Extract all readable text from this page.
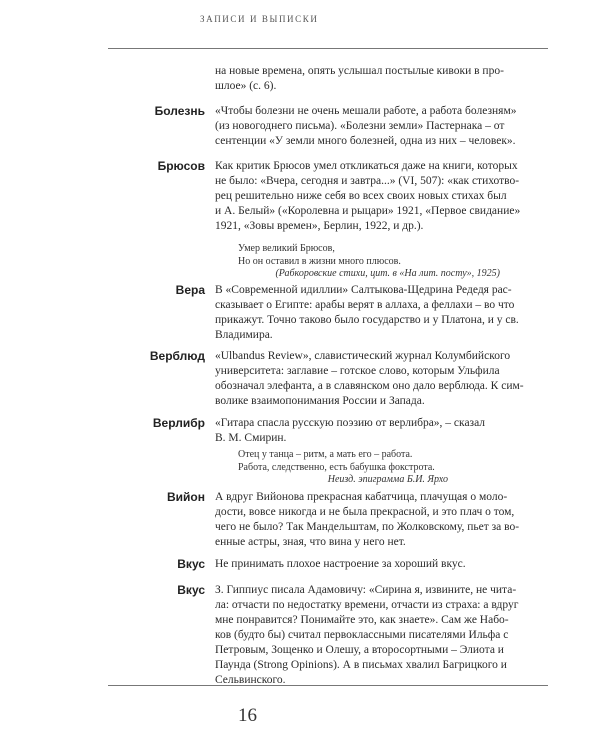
ЗАПИСИ И ВЫПИСКИ
на новые времена, опять услышал постылые кивоки в про-
шлое» (с. 6).
Болезнь «Чтобы болезни не очень мешали работе, а работа болезням»
(из новогоднего письма). «Болезни земли» Пастернака – от
сентенции «У земли много болезней, одна из них – человек».
Брюсов Как критик Брюсов умел откликаться даже на книги, которых
не было: «Вчера, сегодня и завтра...» (VI, 507): «как стихотво-
рец решительно ниже себя во всех своих новых стихах был
и А. Белый» («Королевна и рыцари» 1921, «Первое свидание»
1921, «Зовы времен», Берлин, 1922, и др.).
Умер великий Брюсов,
Но он оставил в жизни много плюсов.
(Рабкоровские стихи, цит. в «На лит. посту», 1925)
Вера В «Современной идиллии» Салтыкова-Щедрина Редедя рас-
сказывает о Египте: арабы верят в аллаха, а феллахи – во что
прикажут. Точно таково было государство и у Платона, и у св.
Владимира.
Верблюд «Ulbandus Review», славистический журнал Колумбийского
университета: заглавие – готское слово, которым Ульфила
обозначал элефанта, а в славянском оно дало верблюда. К сим-
волике взаимопонимания России и Запада.
Верлибр «Гитара спасла русскую поэзию от верлибра», – сказал
В. М. Смирин.
Отец у танца – ритм, а мать его – работа.
Работа, следственно, есть бабушка фокстрота.
Неизд. эпиграмма Б.И. Ярхо
Вийон А вдруг Вийонова прекрасная кабатчица, плачущая о моло-
дости, вовсе никогда и не была прекрасной, и это плач о том,
чего не было? Так Мандельштам, по Жолковскому, пьет за во-
енные астры, зная, что вина у него нет.
Вкус Не принимать плохое настроение за хороший вкус.
Вкус З. Гиппиус писала Адамовичу: «Сирина я, извините, не чита-
ла: отчасти по недостатку времени, отчасти из страха: а вдруг
мне понравится? Понимайте это, как знаете». Сам же Набо-
ков (будто бы) считал первоклассными писателями Ильфа с
Петровым, Зощенко и Олешу, а второсортными – Элиота и
Паунда (Strong Opinions). А в письмах хвалил Багрицкого и
Сельвинского.
16
